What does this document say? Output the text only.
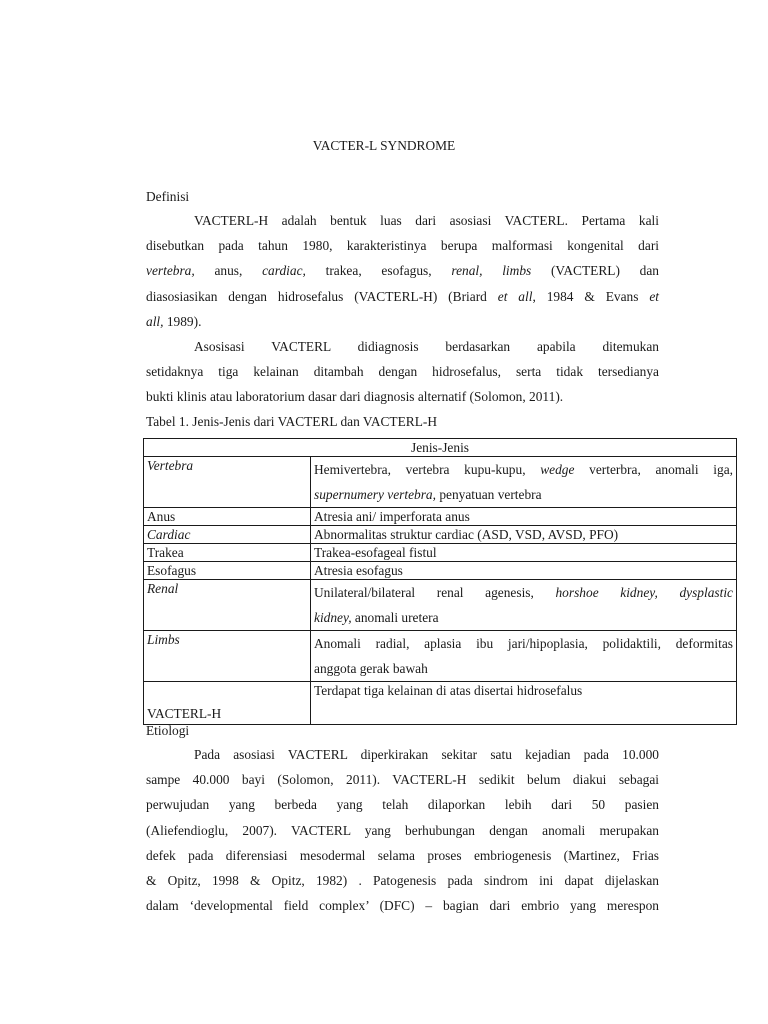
VACTER-L SYNDROME
Definisi
VACTERL-H adalah bentuk luas dari asosiasi VACTERL. Pertama kali
disebutkan pada tahun 1980, karakteristinya berupa malformasi kongenital dari
vertebra, anus, cardiac, trakea, esofagus, renal, limbs (VACTERL) dan
diasosiasikan dengan hidrosefalus (VACTERL-H) (Briard et all, 1984 & Evans et
all, 1989).
Asosisasi VACTERL didiagnosis berdasarkan apabila ditemukan
setidaknya tiga kelainan ditambah dengan hidrosefalus, serta tidak tersedianya
bukti klinis atau laboratorium dasar dari diagnosis alternatif (Solomon, 2011).
Tabel 1. Jenis-Jenis dari VACTERL dan VACTERL-H
Jenis-Jenis	
Vertebra	Hemivertebra, vertebra kupu-kupu, wedge verterbra, anomali iga,
supernumery vertebra, penyatuan vertebra

Anus	Atresia ani/ imperforata anus
Cardiac	Abnormalitas struktur cardiac (ASD, VSD, AVSD, PFO)
Trakea	Trakea-esofageal fistul
Esofagus	Atresia esofagus
Renal	Unilateral/bilateral renal agenesis, horshoe kidney, dysplastic
kidney, anomali uretera

Limbs	Anomali radial, aplasia ibu jari/hipoplasia, polidaktili, deformitas
anggota gerak bawah

VACTERL-H	Terdapat tiga kelainan di atas disertai hidrosefalus
Etiologi
Pada asosiasi VACTERL diperkirakan sekitar satu kejadian pada 10.000
sampe 40.000 bayi (Solomon, 2011). VACTERL-H sedikit belum diakui sebagai
perwujudan yang berbeda yang telah dilaporkan lebih dari 50 pasien
(Aliefendioglu, 2007). VACTERL yang berhubungan dengan anomali merupakan
defek pada diferensiasi mesodermal selama proses embriogenesis (Martinez, Frias
& Opitz, 1998 & Opitz, 1982) . Patogenesis pada sindrom ini dapat dijelaskan
dalam ‘developmental field complex’ (DFC) – bagian dari embrio yang merespon
